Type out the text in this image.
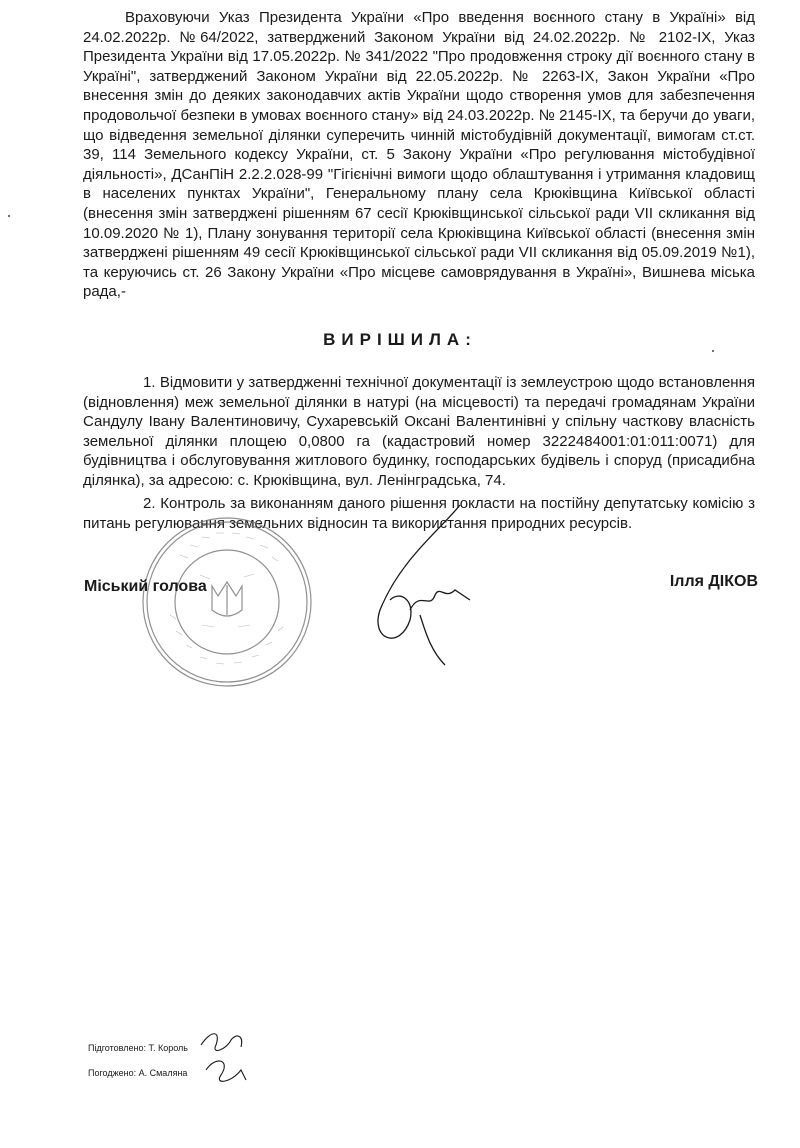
Враховуючи Указ Президента України «Про введення воєнного стану в Україні» від 24.02.2022р. №64/2022, затверджений Законом України від 24.02.2022р. № 2102-IX, Указ Президента України від 17.05.2022р. № 341/2022 "Про продовження строку дії воєнного стану в Україні", затверджений Законом України від 22.05.2022р. № 2263-IX, Закон України «Про внесення змін до деяких законодавчих актів України щодо створення умов для забезпечення продовольчої безпеки в умовах воєнного стану» від 24.03.2022р. № 2145-IX, та беручи до уваги, що відведення земельної ділянки суперечить чинній містобудівній документації, вимогам ст.ст. 39, 114 Земельного кодексу України, ст. 5 Закону України «Про регулювання містобудівної діяльності», ДСанПіН 2.2.2.028-99 "Гігієнічні вимоги щодо облаштування і утримання кладовищ в населених пунктах України", Генеральному плану села Крюківщина Київської області (внесення змін затверджені рішенням 67 сесії Крюківщинської сільської ради VII скликання від 10.09.2020 № 1), Плану зонування території села Крюківщина Київської області (внесення змін затверджені рішенням 49 сесії Крюківщинської сільської ради VII скликання від 05.09.2019 №1), та керуючись ст. 26 Закону України «Про місцеве самоврядування в Україні», Вишнева міська рада,-

ВИРІШИЛА:

1. Відмовити у затвердженні технічної документації із землеустрою щодо встановлення (відновлення) меж земельної ділянки в натурі (на місцевості) та передачі громадянам України Сандулу Івану Валентиновичу, Сухаревській Оксані Валентинівні у спільну часткову власність земельної ділянки площею 0,0800 га (кадастровий номер 3222484001:01:011:0071) для будівництва і обслуговування житлового будинку, господарських будівель і споруд (присадибна ділянка), за адресою: с. Крюківщина, вул. Ленінградська, 74.

2. Контроль за виконанням даного рішення покласти на постійну депутатську комісію з питань регулювання земельних відносин та використання природних ресурсів.

Міський голова	Ілля ДІКОВ
Підготовлено: Т. Король
Погоджено: А. Смаляна
